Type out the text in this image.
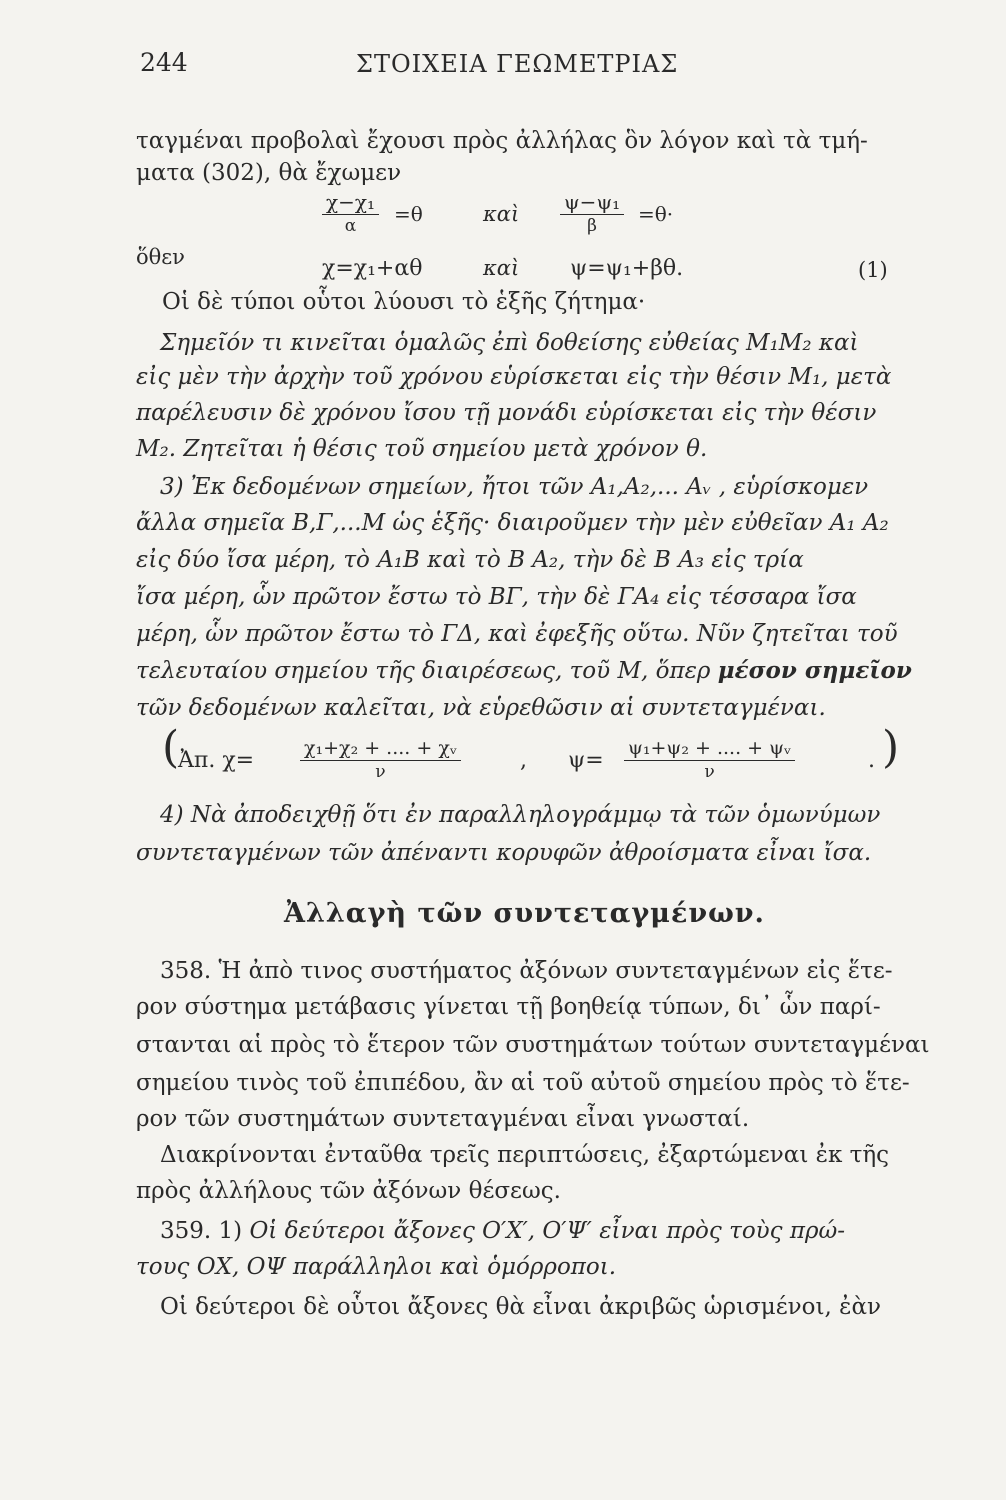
244	ΣΤΟΙΧΕΙΑ ΓΕΩΜΕΤΡΙΑΣ
ταγμέναι προβολαὶ ἔχουσι πρὸς ἀλλήλας ὃν λόγον καὶ τὰ τμή-
ματα (302), θὰ ἔχωμεν
$\frac{\text{χ−χ₁}}{\alpha} =\theta$	καὶ $\frac{\text{ψ−ψ₁}}{\beta} =\theta\cdot$
ὅθεν	χ=χ₁+αθ	καὶ ψ=ψ₁+βθ.	(1)
Οἱ δὲ τύποι οὗτοι λύουσι τὸ ἑξῆς ζήτημα·
Σημεῖόν τι κινεῖται ὁμαλῶς ἐπὶ δοθείσης εὐθείας Μ₁Μ₂ καὶ
εἰς μὲν τὴν ἀρχὴν τοῦ χρόνου εὑρίσκεται εἰς τὴν θέσιν Μ₁, μετὰ
παρέλευσιν δὲ χρόνου ἴσου τῇ μονάδι εὑρίσκεται εἰς τὴν θέσιν
Μ₂. Ζητεῖται ἡ θέσις τοῦ σημείου μετὰ χρόνον θ.
3) Ἐκ δεδομένων σημείων, ἤτοι τῶν Α₁,Α₂,... Αᵥ , εὑρίσκομεν
ἄλλα σημεῖα Β,Γ,...Μ ὡς ἑξῆς· διαιροῦμεν τὴν μὲν εὐθεῖαν Α₁ Α₂
εἰς δύο ἴσα μέρη, τὸ Α₁Β καὶ τὸ Β Α₂, τὴν δὲ Β Α₃ εἰς τρία
ἴσα μέρη, ὧν πρῶτον ἔστω τὸ ΒΓ, τὴν δὲ ΓΑ₄ εἰς τέσσαρα ἴσα
μέρη, ὧν πρῶτον ἔστω τὸ ΓΔ, καὶ ἐφεξῆς οὕτω. Νῦν ζητεῖται τοῦ
τελευταίου σημείου τῆς διαιρέσεως, τοῦ Μ, ὅπερ μέσον σημεῖον
τῶν δεδομένων καλεῖται, νὰ εὑρεθῶσιν αἱ συντεταγμέναι.
(
Ἀπ. $\chi= \frac{\text{χ₁+χ₂ + .... + χᵥ}}{\nu}$	, $\psi= \frac{\text{ψ₁+ψ₂ + .... + ψᵥ}}{\nu}$	. )
4) Νὰ ἀποδειχθῇ ὅτι ἐν παραλληλογράμμῳ τὰ τῶν ὁμωνύμων
συντεταγμένων τῶν ἀπέναντι κορυφῶν ἀθροίσματα εἶναι ἴσα.
Ἀλλαγὴ τῶν συντεταγμένων.
358. Ἡ ἀπὸ τινος συστήματος ἀξόνων συντεταγμένων εἰς ἕτε-
ρον σύστημα μετάβασις γίνεται τῇ βοηθείᾳ τύπων, δι᾽ ὧν παρί-
στανται αἱ πρὸς τὸ ἕτερον τῶν συστημάτων τούτων συντεταγμέναι
σημείου τινὸς τοῦ ἐπιπέδου, ἂν αἱ τοῦ αὐτοῦ σημείου πρὸς τὸ ἕτε-
ρον τῶν συστημάτων συντεταγμέναι εἶναι γνωσταί.
Διακρίνονται ἐνταῦθα τρεῖς περιπτώσεις, ἐξαρτώμεναι ἐκ τῆς
πρὸς ἀλλήλους τῶν ἀξόνων θέσεως.
359. 1) Οἱ δεύτεροι ἄξονες Ο′Χ′, Ο′Ψ′ εἶναι πρὸς τοὺς πρώ-
τους ΟΧ, ΟΨ παράλληλοι καὶ ὁμόρροποι.
Οἱ δεύτεροι δὲ οὗτοι ἄξονες θὰ εἶναι ἀκριβῶς ὡρισμένοι, ἐὰν
